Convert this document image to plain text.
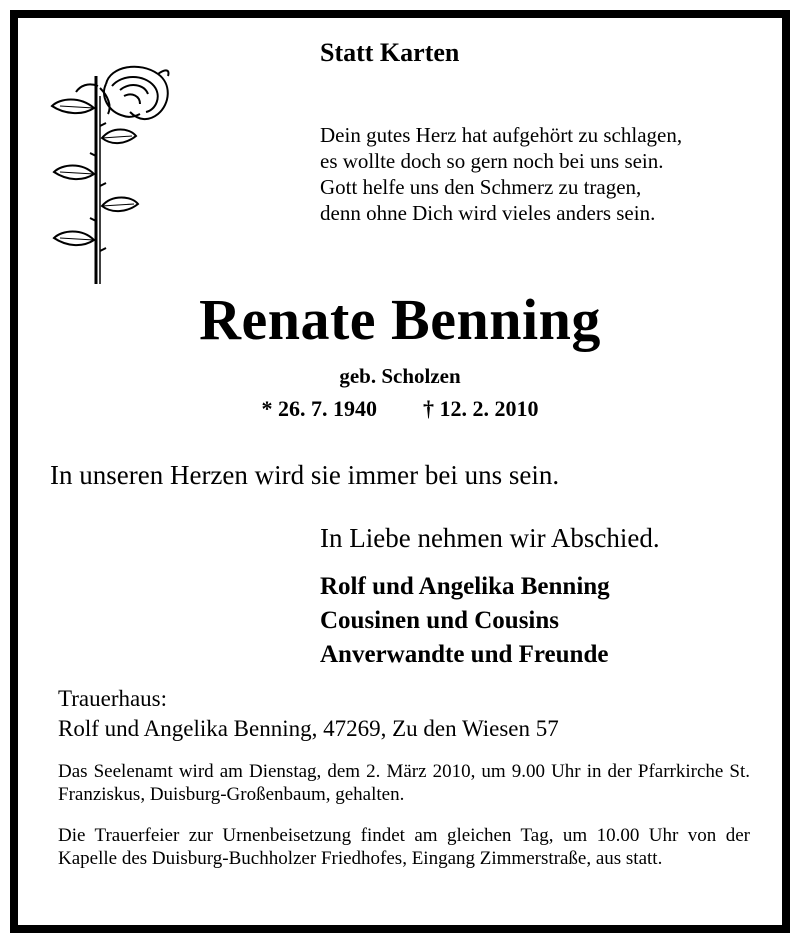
Statt Karten

Dein gutes Herz hat aufgehört zu schlagen,
es wollte doch so gern noch bei uns sein.
Gott helfe uns den Schmerz zu tragen,
denn ohne Dich wird vieles anders sein.

Renate Benning

geb. Scholzen

* 26. 7. 1940 † 12. 2. 2010

In unseren Herzen wird sie immer bei uns sein.

In Liebe nehmen wir Abschied.

Rolf und Angelika Benning
Cousinen und Cousins
Anverwandte und Freunde
Trauerhaus:
Rolf und Angelika Benning, 47269, Zu den Wiesen 57

Das Seelenamt wird am Dienstag, dem 2. März 2010, um 9.00 Uhr in der Pfarrkirche St. Franziskus, Duisburg-Großenbaum, gehalten.

Die Trauerfeier zur Urnenbeisetzung findet am gleichen Tag, um 10.00 Uhr von der Kapelle des Duisburg-Buchholzer Friedhofes, Eingang Zimmerstraße, aus statt.
